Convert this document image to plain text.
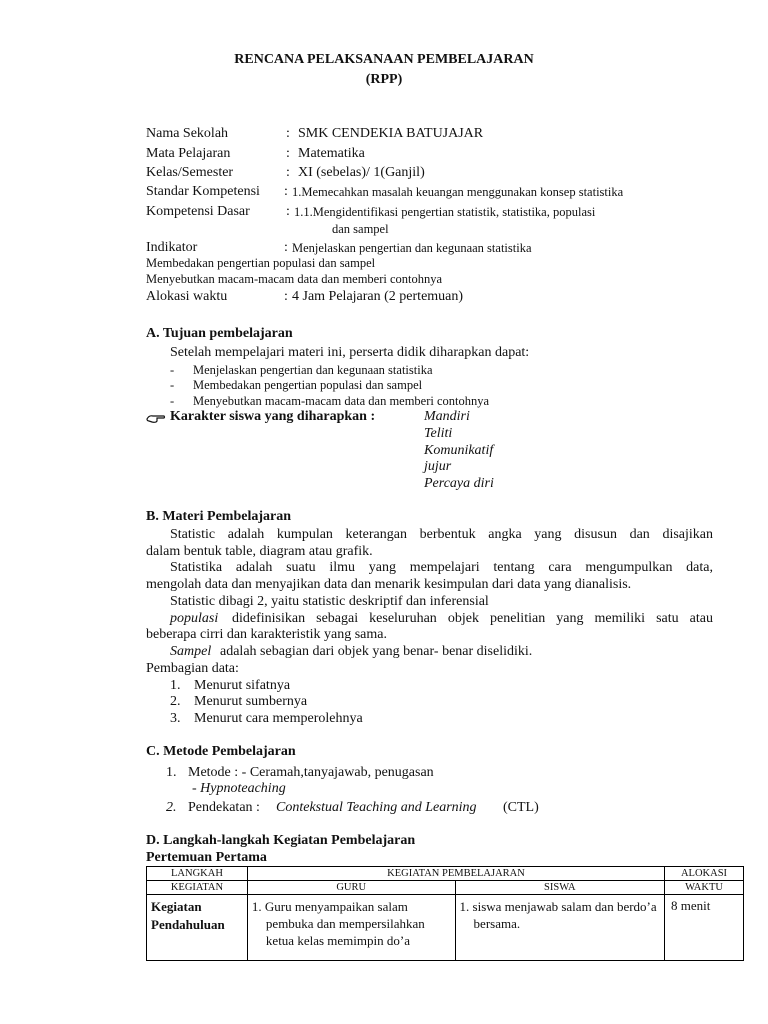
RENCANA PELAKSANAAN PEMBELAJARAN
(RPP)
Nama Sekolah	: SMK CENDEKIA BATUJAJAR
Mata Pelajaran	: Matematika
Kelas/Semester	: XI (sebelas)/ 1(Ganjil)
Standar Kompetensi : 1.Memecahkan masalah keuangan menggunakan konsep statistika
Kompetensi Dasar	: 1.1.Mengidentifikasi pengertian statistik, statistika, populasi
dan sampel
Indikator	: Menjelaskan pengertian dan kegunaan statistika
Membedakan pengertian populasi dan sampel
Menyebutkan macam-macam data dan memberi contohnya
Alokasi waktu	: 4 Jam Pelajaran (2 pertemuan)
A. Tujuan pembelajaran
Setelah mempelajari materi ini, perserta didik diharapkan dapat:
- Menjelaskan pengertian dan kegunaan statistika
- Membedakan pengertian populasi dan sampel
- Menyebutkan macam-macam data dan memberi contohnya
Karakter siswa yang diharapkan :	Mandiri
Teliti
Komunikatif
jujur
Percaya diri
B. Materi Pembelajaran
Statistic adalah kumpulan keterangan berbentuk angka yang disusun dan disajikan
dalam bentuk table, diagram atau grafik.
Statistika adalah suatu ilmu yang mempelajari tentang cara mengumpulkan data,
mengolah data dan menyajikan data dan menarik kesimpulan dari data yang dianalisis.
Statistic dibagi 2, yaitu statistic deskriptif dan inferensial
populasi didefinisikan sebagai keseluruhan objek penelitian yang memiliki satu atau
beberapa cirri dan karakteristik yang sama.
Sampel adalah sebagian dari objek yang benar- benar diselidiki.
Pembagian data:
1. Menurut sifatnya
2. Menurut sumbernya
3. Menurut cara memperolehnya
C. Metode Pembelajaran
1. Metode : - Ceramah,tanyajawab, penugasan
- Hypnoteaching
2. Pendekatan : Contekstual Teaching and Learning (CTL)
D. Langkah-langkah Kegiatan Pembelajaran
Pertemuan Pertama
LANGKAH	KEGIATAN PEMBELAJARAN		ALOKASI
KEGIATAN	GURU	SISWA	WAKTU

Kegiatan
Pendahuluan	1. Guru menyampaikan salam pembuka dan mempersilahkan ketua kelas memimpin do’a	1. siswa menjawab salam dan berdo’a bersama.	8 menit
